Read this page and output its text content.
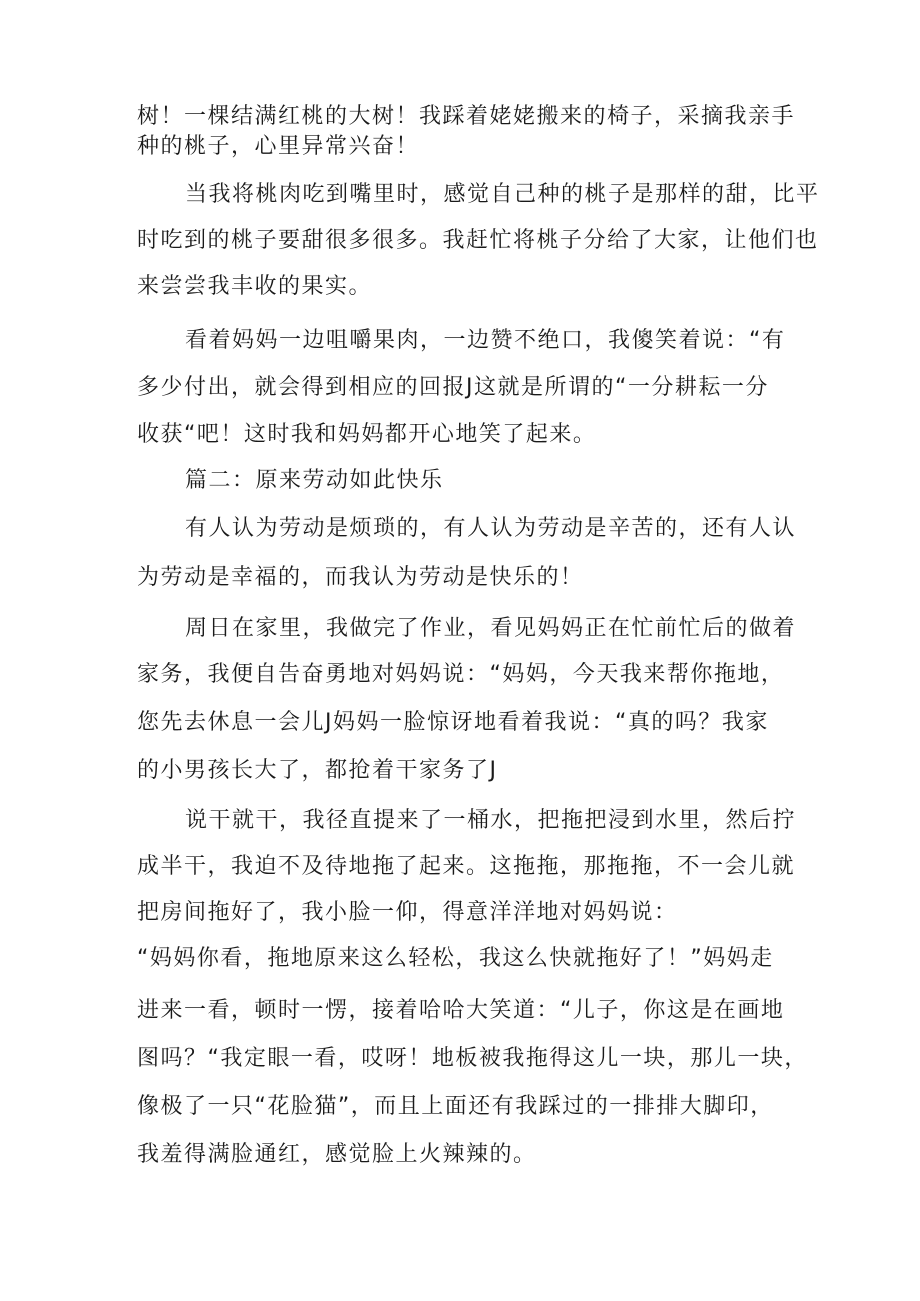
树！一棵结满红桃的大树！我踩着姥姥搬来的椅子，采摘我亲手
种的桃子，心里异常兴奋！
当我将桃肉吃到嘴里时，感觉自己种的桃子是那样的甜，比平
时吃到的桃子要甜很多很多。我赶忙将桃子分给了大家，让他们也
来尝尝我丰收的果实。
看着妈妈一边咀嚼果肉，一边赞不绝口，我傻笑着说：“有
多少付出，就会得到相应的回报J这就是所谓的“一分耕耘一分
收获“吧！这时我和妈妈都开心地笑了起来。
篇二：原来劳动如此快乐
有人认为劳动是烦琐的，有人认为劳动是辛苦的，还有人认
为劳动是幸福的，而我认为劳动是快乐的！
周日在家里，我做完了作业，看见妈妈正在忙前忙后的做着
家务，我便自告奋勇地对妈妈说：“妈妈，今天我来帮你拖地，
您先去休息一会儿J妈妈一脸惊讶地看着我说：“真的吗？我家
的小男孩长大了，都抢着干家务了J
说干就干，我径直提来了一桶水，把拖把浸到水里，然后拧
成半干，我迫不及待地拖了起来。这拖拖，那拖拖，不一会儿就
把房间拖好了，我小脸一仰，得意洋洋地对妈妈说：
“妈妈你看，拖地原来这么轻松，我这么快就拖好了！”妈妈走
进来一看，顿时一愣，接着哈哈大笑道：“儿子，你这是在画地
图吗？“我定眼一看，哎呀！地板被我拖得这儿一块，那儿一块，
像极了一只“花脸猫”，而且上面还有我踩过的一排排大脚印，
我羞得满脸通红，感觉脸上火辣辣的。
